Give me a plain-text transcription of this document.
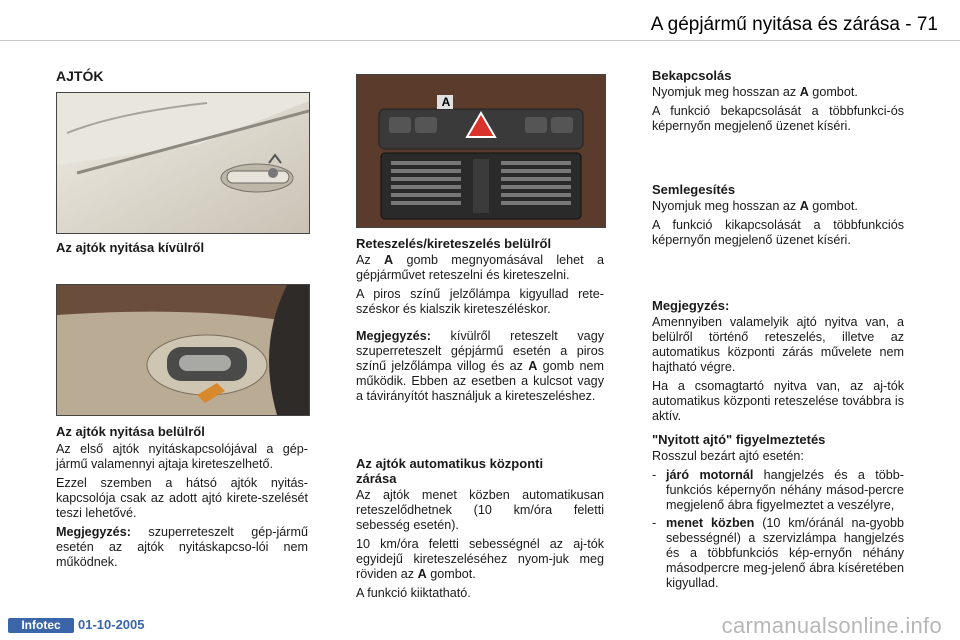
A gépjármű nyitása és zárása - 71
AJTÓK
Az ajtók nyitása kívülről
Az ajtók nyitása belülről

Az első ajtók nyitáskapcsolójával a gép-jármű valamennyi ajtaja kireteszelhető.

Ezzel szemben a hátsó ajtók nyitás-kapcsolója csak az adott ajtó kirete-szelését teszi lehetővé.

Megjegyzés: szuperreteszelt gép-jármű esetén az ajtók nyitáskapcso-lói nem működnek.

A
Reteszelés/kireteszelés belülről

Az A gomb megnyomásával lehet a gépjárművet reteszelni és kireteszelni.

A piros színű jelzőlámpa kigyullad rete-széskor és kialszik kireteszéléskor.

Megjegyzés: kívülről reteszelt vagy szuperreteszelt gépjármű esetén a piros színű jelzőlámpa villog és az A gomb nem működik. Ebben az esetben a kulcsot vagy a távirányítót használjuk a kireteszeléshez.

Az ajtók automatikus központi zárása

Az ajtók menet közben automatikusan reteszelődhetnek (10 km/óra feletti sebesség esetén).

10 km/óra feletti sebességnél az aj-tók egyidejű kireteszeléséhez nyom-juk meg röviden az A gombot.

A funkció kiiktatható.

Bekapcsolás

Nyomjuk meg hosszan az A gombot.

A funkció bekapcsolását a többfunkci-ós képernyőn megjelenő üzenet kíséri.

Semlegesítés

Nyomjuk meg hosszan az A gombot.

A funkció kikapcsolását a többfunkciós képernyőn megjelenő üzenet kíséri.

Megjegyzés:

Amennyiben valamelyik ajtó nyitva van, a belülről történő reteszelés, illetve az automatikus központi zárás művelete nem hajtható végre.

Ha a csomagtartó nyitva van, az aj-tók automatikus központi reteszelése továbbra is aktív.

"Nyitott ajtó" figyelmeztetés

Rosszul bezárt ajtó esetén:

- járó motornál hangjelzés és a több-funkciós képernyőn néhány másod-percre megjelenő ábra figyelmeztet a veszélyre,
- menet közben (10 km/óránál na-gyobb sebességnél) a szervizlámpa hangjelzés és a többfunkciós kép-ernyőn néhány másodpercre meg-jelenő ábra kíséretében kigyullad.
Infotec	01-10-2005	carmanualsonline.info
